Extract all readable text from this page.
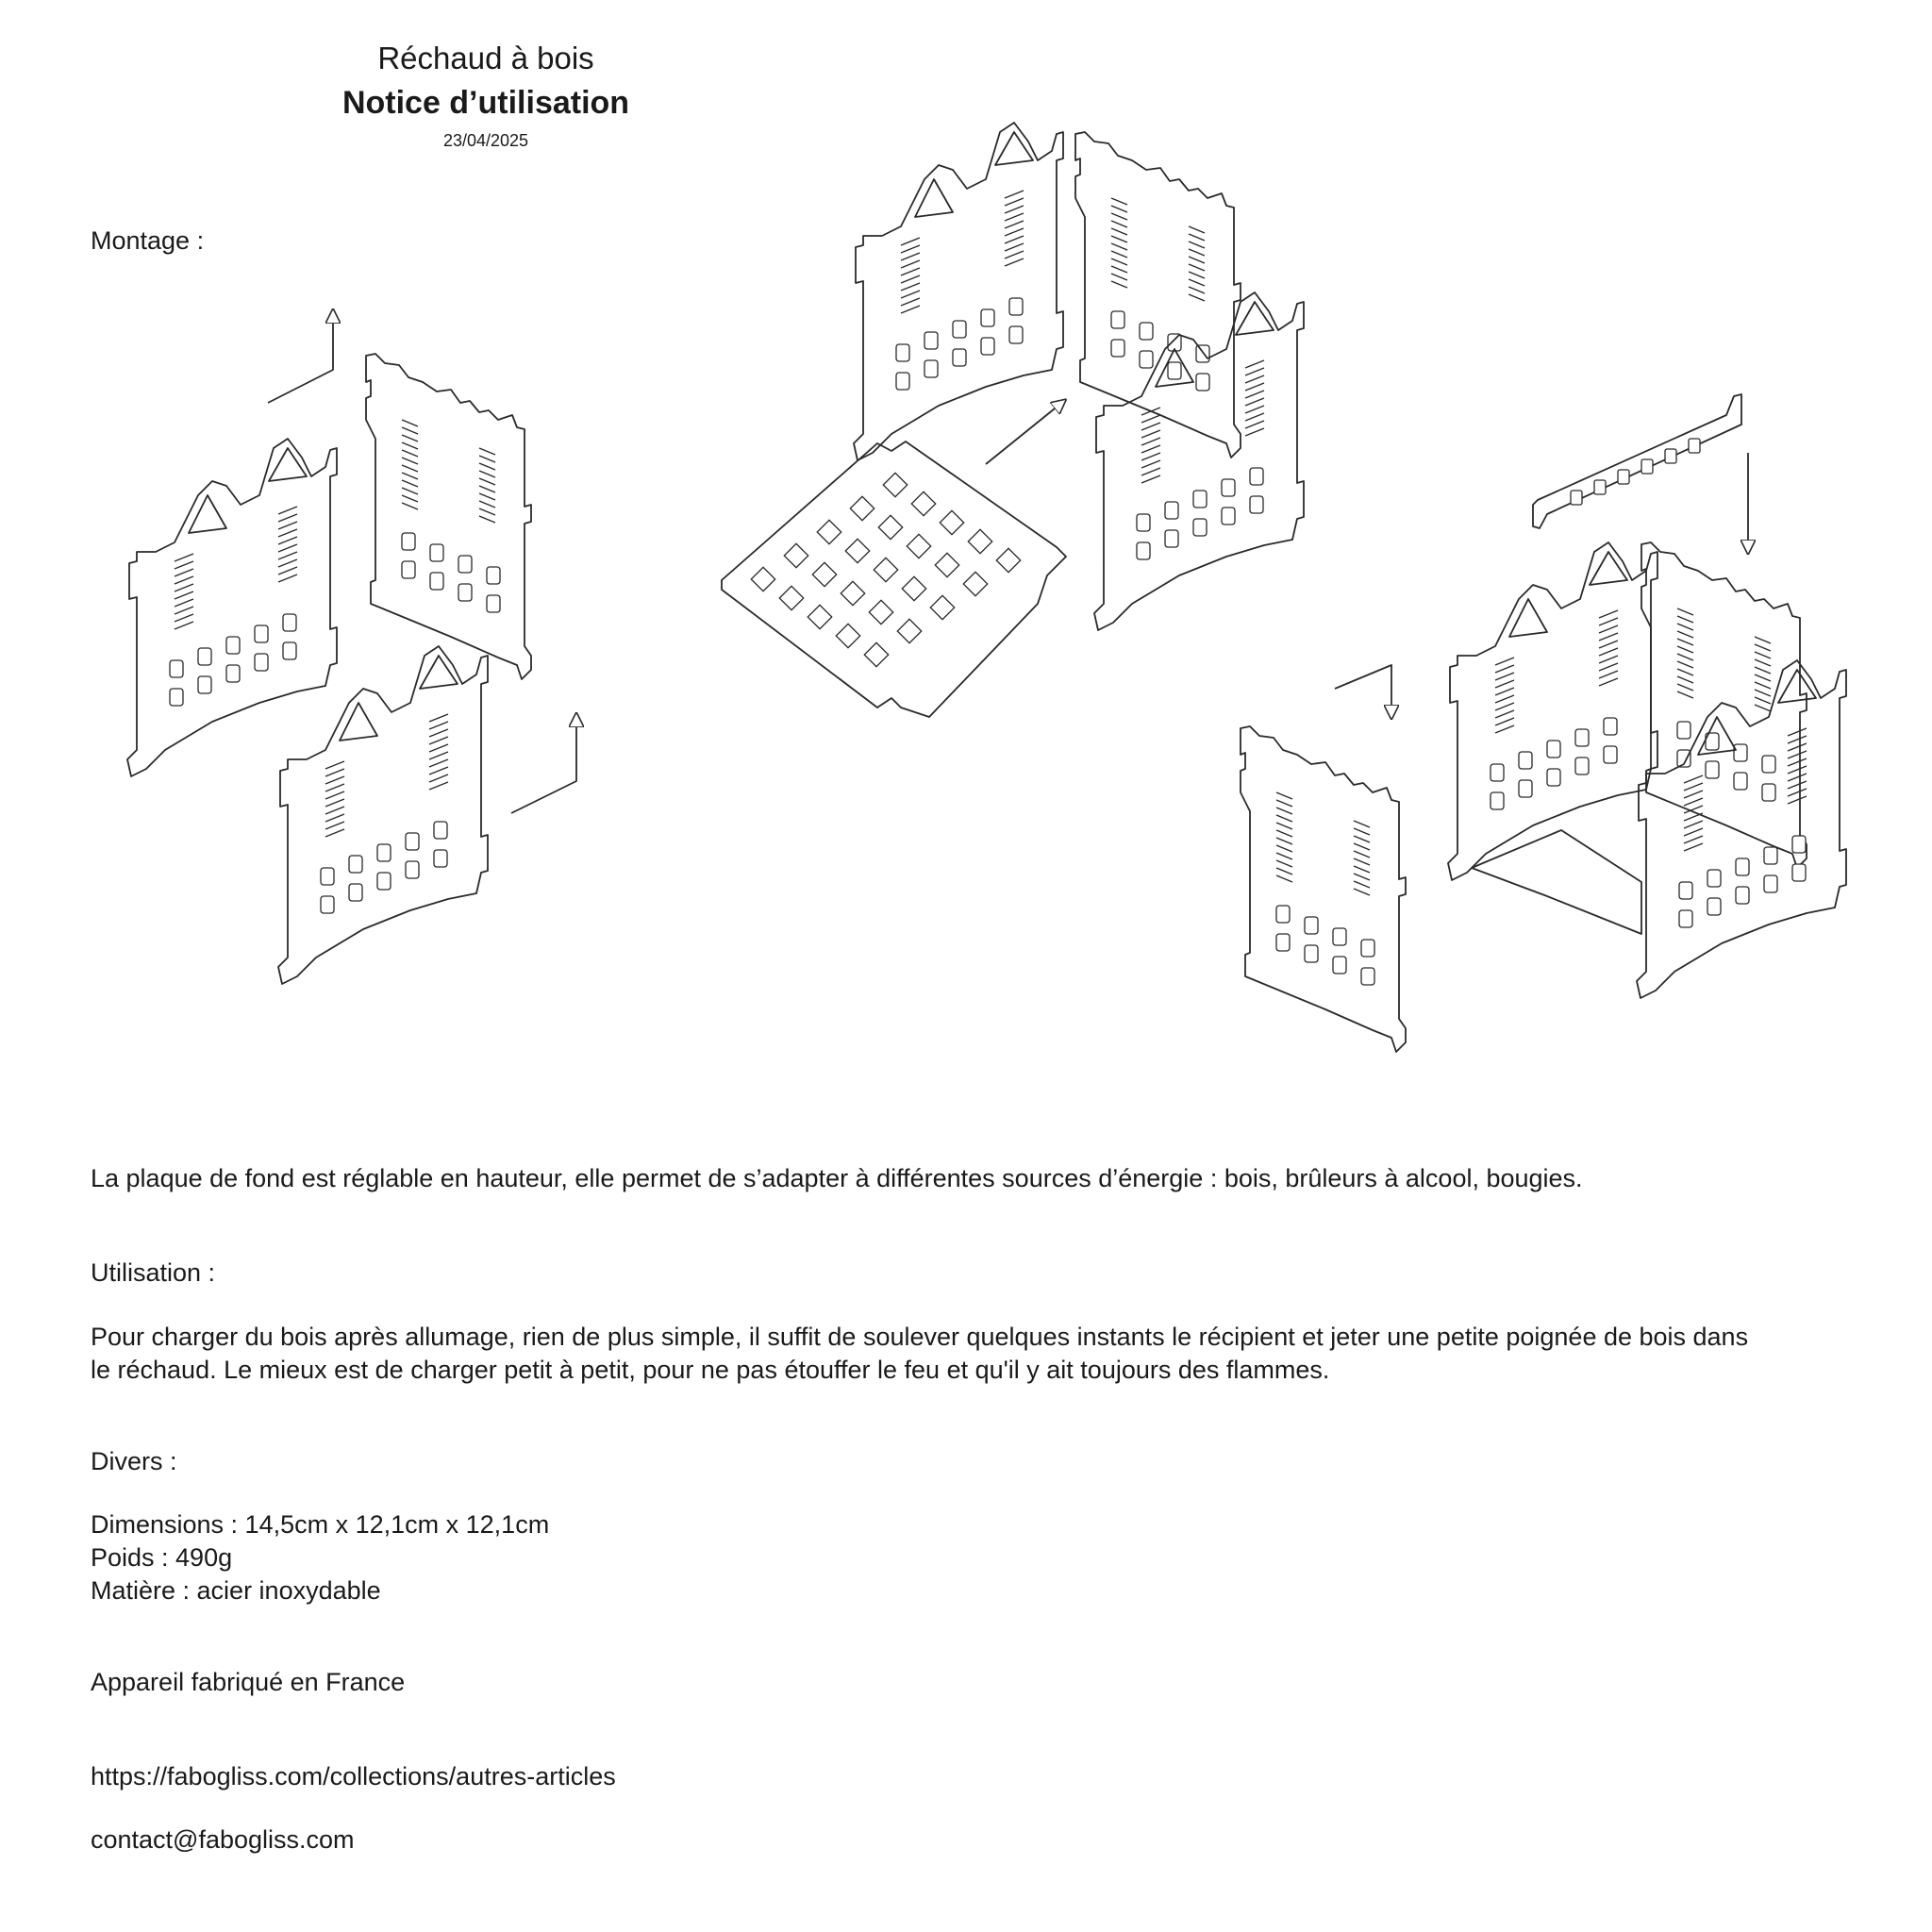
Réchaud à bois

Notice d’utilisation

23/04/2025

Montage :

La plaque de fond est réglable en hauteur, elle permet de s’adapter à différentes sources d’énergie : bois, brûleurs à alcool, bougies.

Utilisation :

Pour charger du bois après allumage, rien de plus simple, il suffit de soulever quelques instants le récipient et jeter une petite poignée de bois dans

le réchaud. Le mieux est de charger petit à petit, pour ne pas étouffer le feu et qu'il y ait toujours des flammes.

Divers :

Dimensions : 14,5cm x 12,1cm x 12,1cm

Poids : 490g

Matière : acier inoxydable

Appareil fabriqué en France

https://fabogliss.com/collections/autres-articles

contact@fabogliss.com
